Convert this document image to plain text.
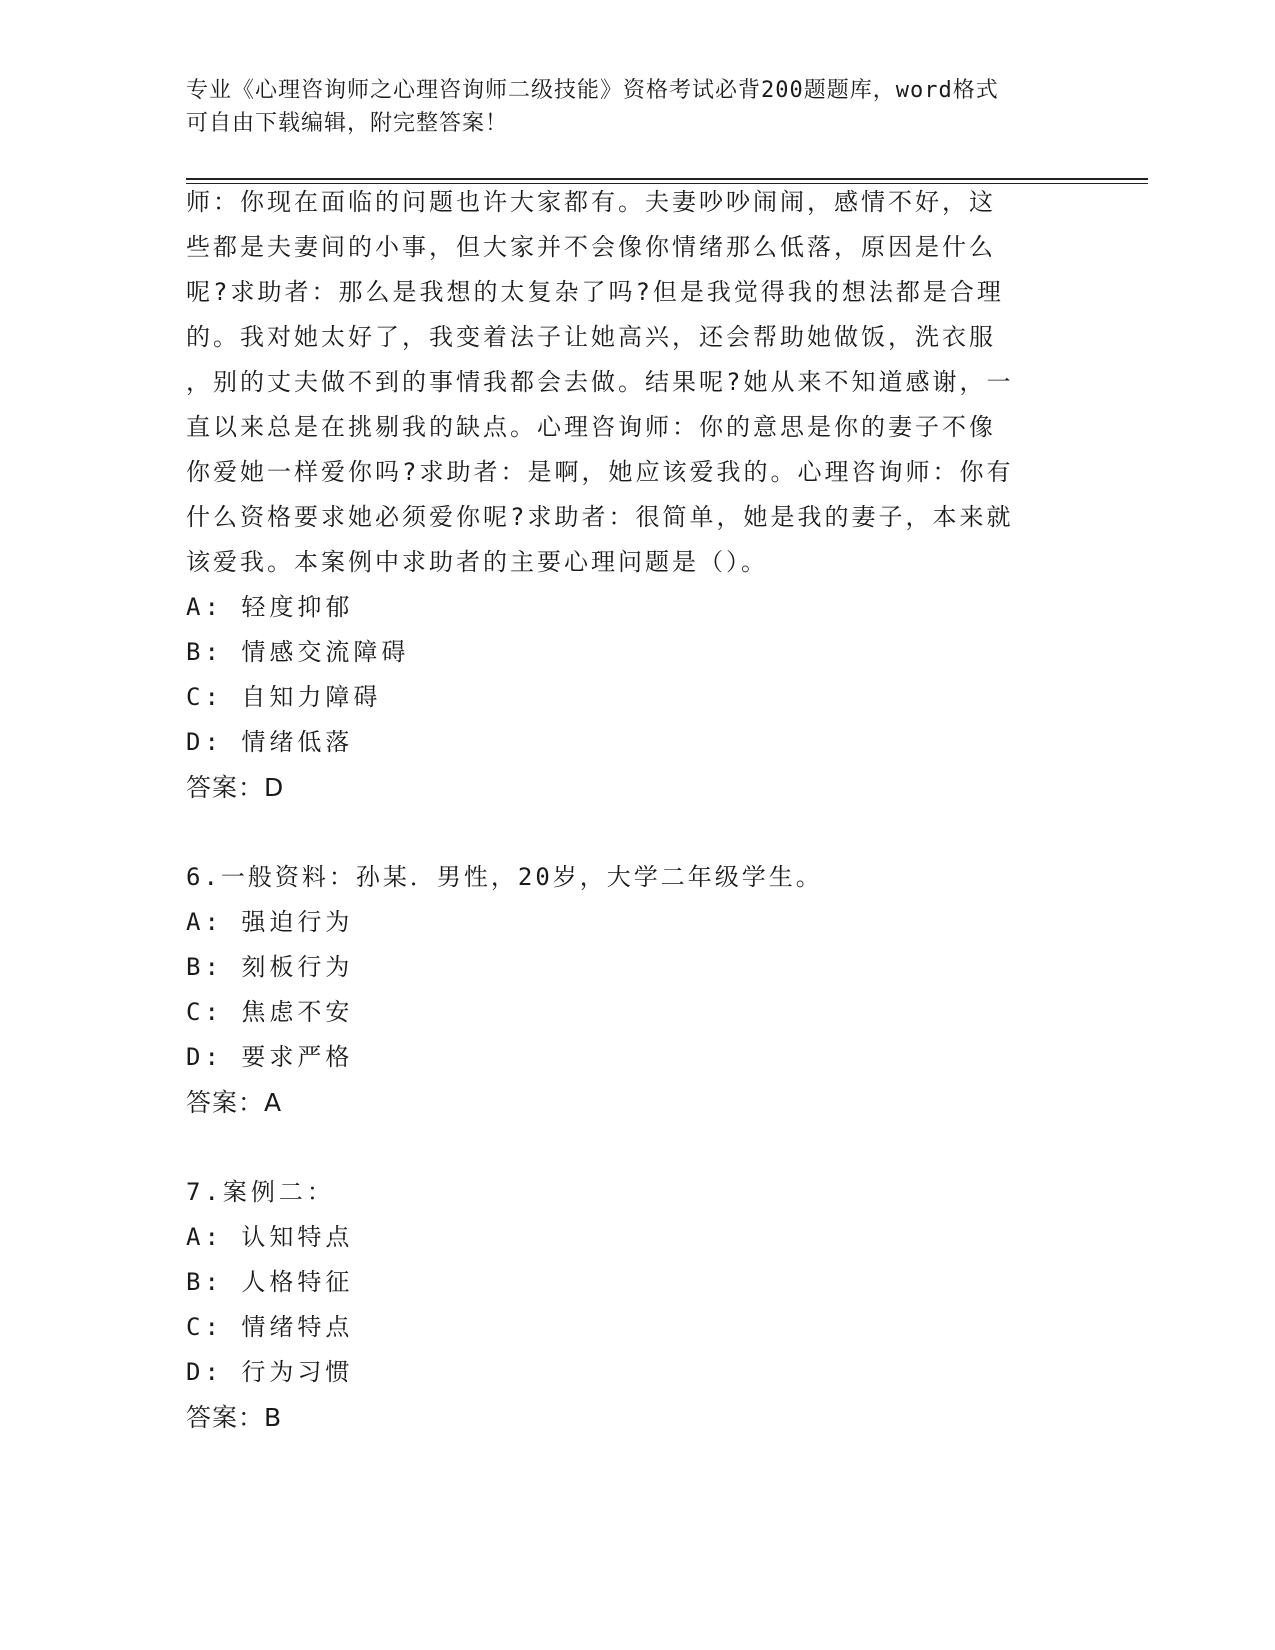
专业《心理咨询师之心理咨询师二级技能》资格考试必背200题题库，word格式
可自由下载编辑，附完整答案！
师：你现在面临的问题也许大家都有。夫妻吵吵闹闹，感情不好，这
些都是夫妻间的小事，但大家并不会像你情绪那么低落，原因是什么
呢?求助者：那么是我想的太复杂了吗?但是我觉得我的想法都是合理
的。我对她太好了，我变着法子让她高兴，还会帮助她做饭，洗衣服
，别的丈夫做不到的事情我都会去做。结果呢?她从来不知道感谢，一
直以来总是在挑剔我的缺点。心理咨询师：你的意思是你的妻子不像
你爱她一样爱你吗?求助者：是啊，她应该爱我的。心理咨询师：你有
什么资格要求她必须爱你呢?求助者：很简单，她是我的妻子，本来就
该爱我。本案例中求助者的主要心理问题是（）。
A: 轻度抑郁
B: 情感交流障碍
C: 自知力障碍
D: 情绪低落
答案：D
6.一般资料：孙某．男性，20岁，大学二年级学生。
A: 强迫行为
B: 刻板行为
C: 焦虑不安
D: 要求严格
答案：A
7.案例二：
A: 认知特点
B: 人格特征
C: 情绪特点
D: 行为习惯
答案：B
